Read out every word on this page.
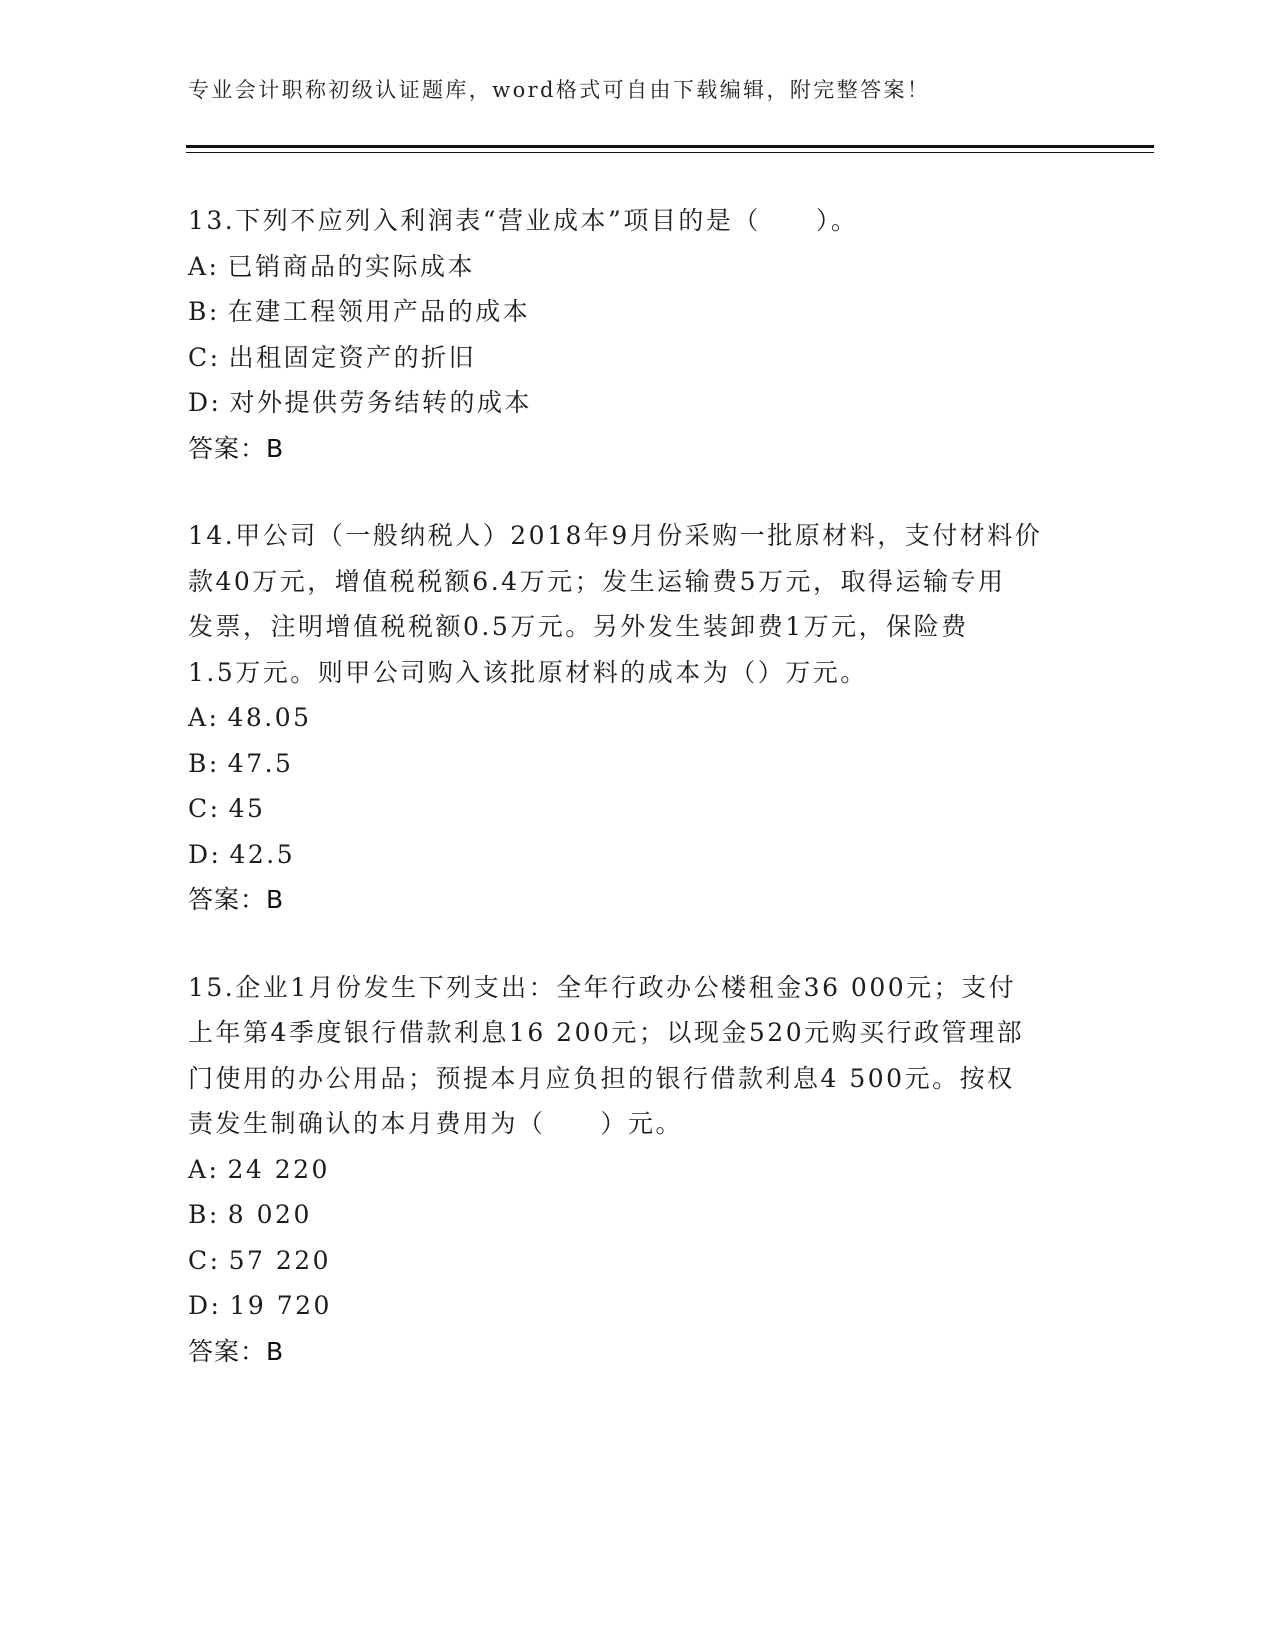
专业会计职称初级认证题库，word格式可自由下载编辑，附完整答案！
13.下列不应列入利润表“营业成本”项目的是（　　）。
A: 已销商品的实际成本
B: 在建工程领用产品的成本
C: 出租固定资产的折旧
D: 对外提供劳务结转的成本
答案：B
14.甲公司（一般纳税人）2018年9月份采购一批原材料，支付材料价
款40万元，增值税税额6.4万元；发生运输费5万元，取得运输专用
发票，注明增值税税额0.5万元。另外发生装卸费1万元，保险费
1.5万元。则甲公司购入该批原材料的成本为（）万元。
A: 48.05
B: 47.5
C: 45
D: 42.5
答案：B
15.企业1月份发生下列支出：全年行政办公楼租金36 000元；支付
上年第4季度银行借款利息16 200元；以现金520元购买行政管理部
门使用的办公用品；预提本月应负担的银行借款利息4 500元。按权
责发生制确认的本月费用为（　　）元。
A: 24 220
B: 8 020
C: 57 220
D: 19 720
答案：B
